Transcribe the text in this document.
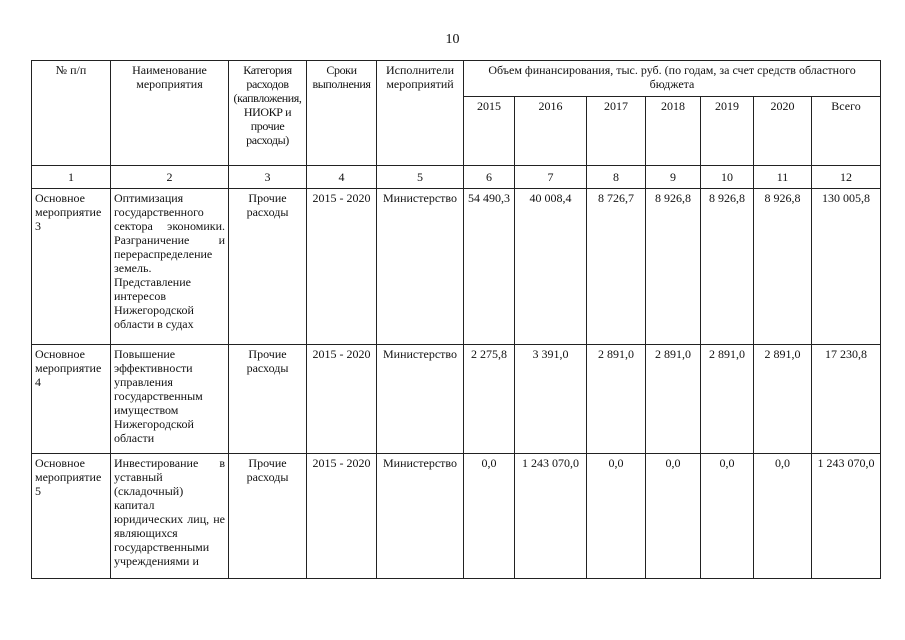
10
№ п/п	Наименование мероприятия	Категория расходов (капвложения, НИОКР и прочие расходы)	Сроки выполнения	Исполнители мероприятий	Объем финансирования, тыс. руб. (по годам, за счет средств областного бюджета						
					2015	2016	2017	2018	2019	2020	Всего
1	2	3	4	5	6	7	8	9	10	11	12
Основное мероприятие 3	Оптимизация государственного сектора экономики. Разграничение и перераспределение земель. Представление интересов Нижегородской области в судах	Прочие расходы	2015 - 2020	Министерство	54 490,3	40 008,4	8 726,7	8 926,8	8 926,8	8 926,8	130 005,8
Основное мероприятие 4	Повышение эффективности управления государственным имуществом Нижегородской области	Прочие расходы	2015 - 2020	Министерство	2 275,8	3 391,0	2 891,0	2 891,0	2 891,0	2 891,0	17 230,8
Основное мероприятие 5	Инвестирование в уставный (складочный) капитал юридических лиц, не являющихся государственными учреждениями и	Прочие расходы	2015 - 2020	Министерство	0,0	1 243 070,0	0,0	0,0	0,0	0,0	1 243 070,0
